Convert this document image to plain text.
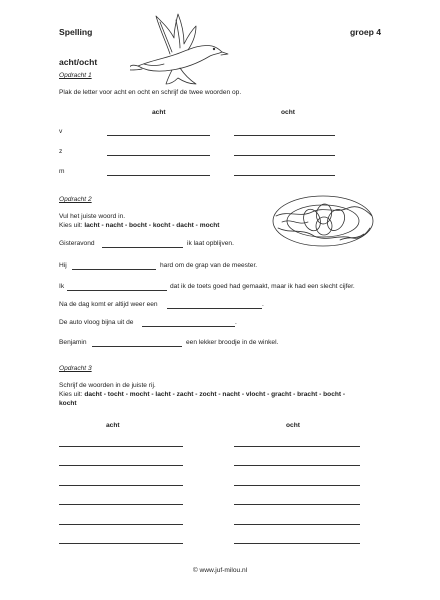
Spelling	groep 4
acht/ocht
Opdracht 1
Plak de letter voor acht en ocht en schrijf de twee woorden op.
acht	ocht
v
z
m
Opdracht 2
Vul het juiste woord in.
Kies uit: lacht - nacht - bocht - kocht - dacht - mocht
Gisteravond	ik laat opblijven.
Hij	hard om de grap van de meester.
Ik	dat ik de toets goed had gemaakt, maar ik had een slecht cijfer.
Na de dag komt er altijd weer een	.
De auto vloog bijna uit de	.
Benjamin	een lekker broodje in de winkel.
Opdracht 3
Schrijf de woorden in de juiste rij.
Kies uit: dacht - tocht - mocht - lacht - zacht - zocht - nacht - vlocht - gracht - bracht - bocht -
kocht
acht	ocht
© www.juf-milou.nl
